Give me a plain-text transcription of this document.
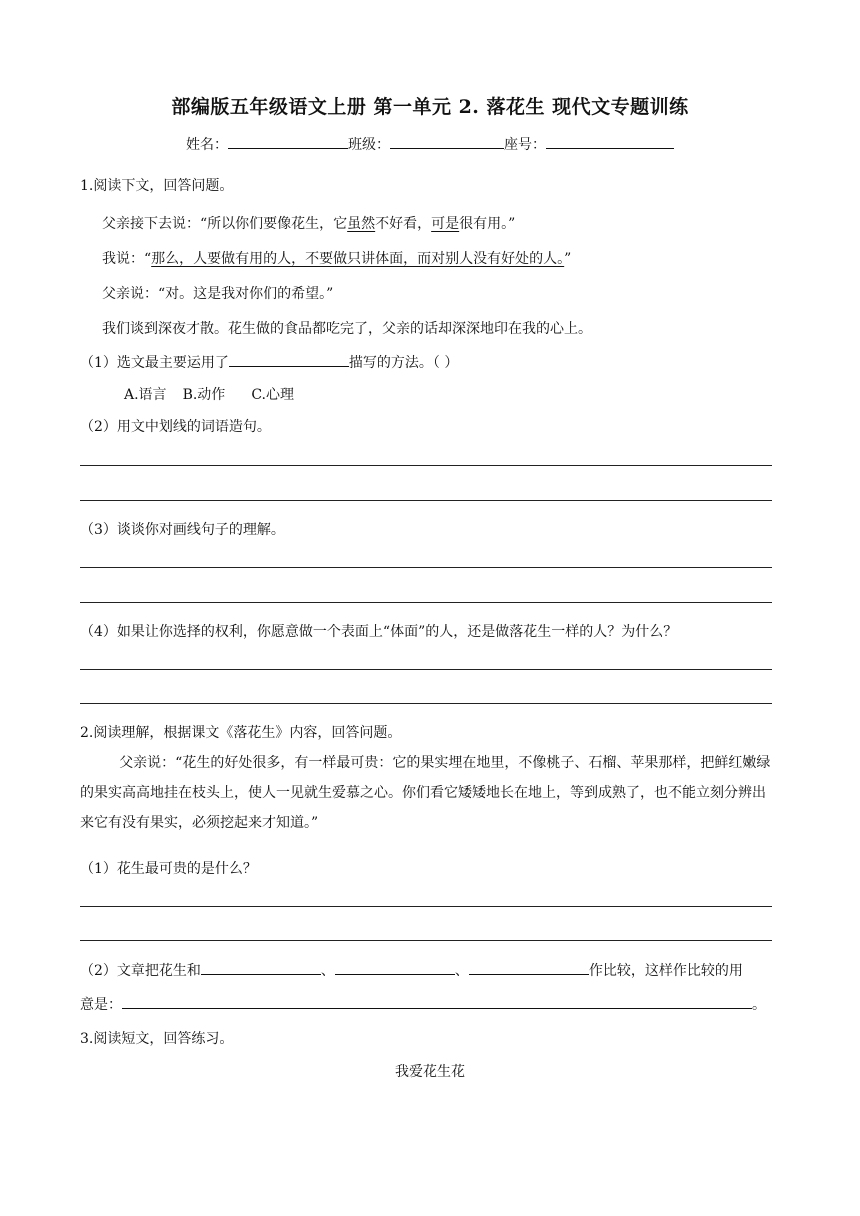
部编版五年级语文上册 第一单元 2. 落花生 现代文专题训练
姓名：	班级：	座号：
1.阅读下文，回答问题。
父亲接下去说：“所以你们要像花生，它虽然不好看，可是很有用。”
我说：“那么，人要做有用的人，不要做只讲体面，而对别人没有好处的人。”
父亲说：“对。这是我对你们的希望。”
我们谈到深夜才散。花生做的食品都吃完了，父亲的话却深深地印在我的心上。
（1）选文最主要运用了	描写的方法。（ ）
A.语言 B.动作 C.心理
（2）用文中划线的词语造句。
（3）谈谈你对画线句子的理解。
（4）如果让你选择的权利，你愿意做一个表面上“体面”的人，还是做落花生一样的人？为什么？
2.阅读理解，根据课文《落花生》内容，回答问题。
父亲说：“花生的好处很多，有一样最可贵：它的果实埋在地里，不像桃子、石榴、苹果那样，把鲜红嫩绿的果实高高地挂在枝头上，使人一见就生爱慕之心。你们看它矮矮地长在地上，等到成熟了，也不能立刻分辨出来它有没有果实，必须挖起来才知道。”
（1）花生最可贵的是什么？
（2）文章把花生和	、	、	作比较，这样作比较的用
意是：	。
3.阅读短文，回答练习。
我爱花生花
